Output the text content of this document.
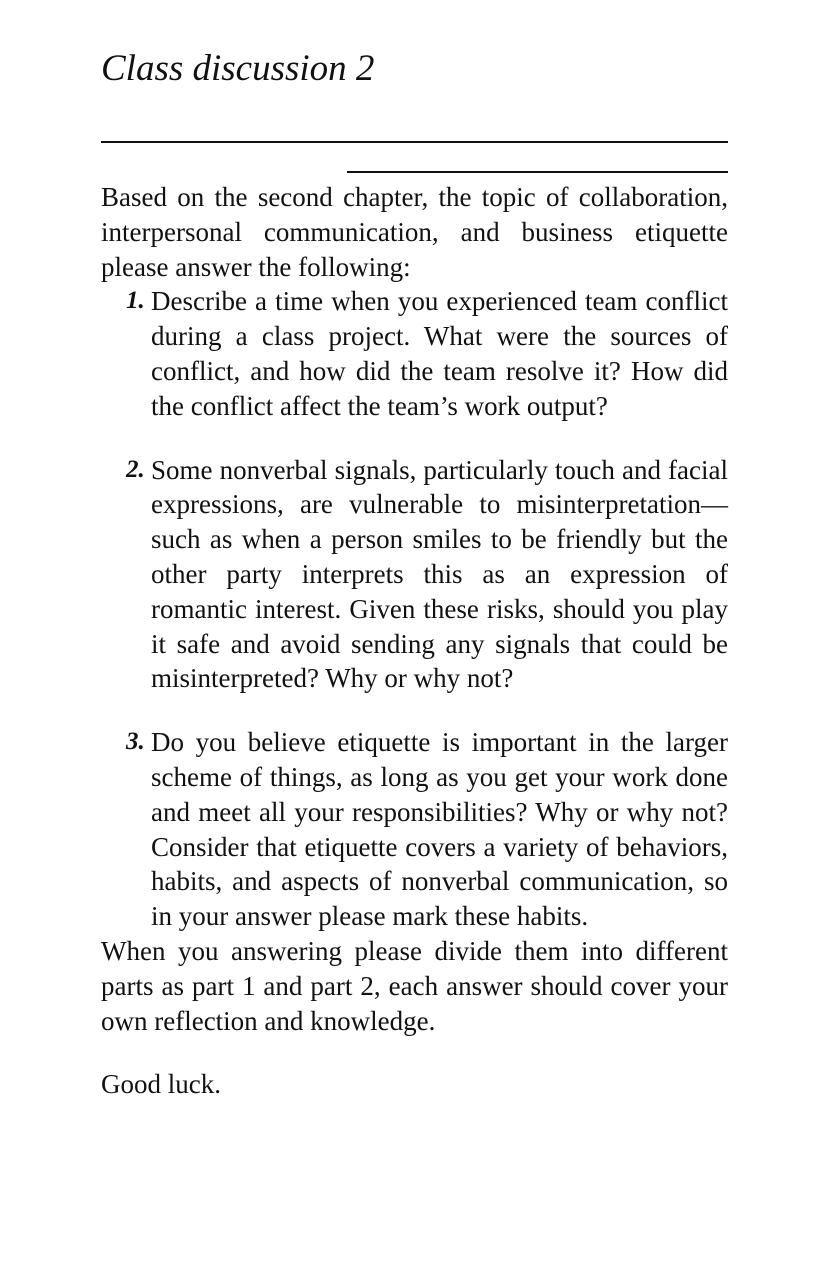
Class discussion 2

Based on the second chapter, the topic of collaboration, interpersonal communication, and business etiquette please answer the following:

1. Describe a time when you experienced team conflict during a class project. What were the sources of conflict, and how did the team resolve it? How did the conflict affect the team’s work output?
2. Some nonverbal signals, particularly touch and facial expressions, are vulnerable to misinterpretation—such as when a person smiles to be friendly but the other party interprets this as an expression of romantic interest. Given these risks, should you play it safe and avoid sending any signals that could be misinterpreted? Why or why not?
3. Do you believe etiquette is important in the larger scheme of things, as long as you get your work done and meet all your responsibilities? Why or why not? Consider that etiquette covers a variety of behaviors, habits, and aspects of nonverbal communication, so in your answer please mark these habits.

When you answering please divide them into different parts as part 1 and part 2, each answer should cover your own reflection and knowledge.

Good luck.
